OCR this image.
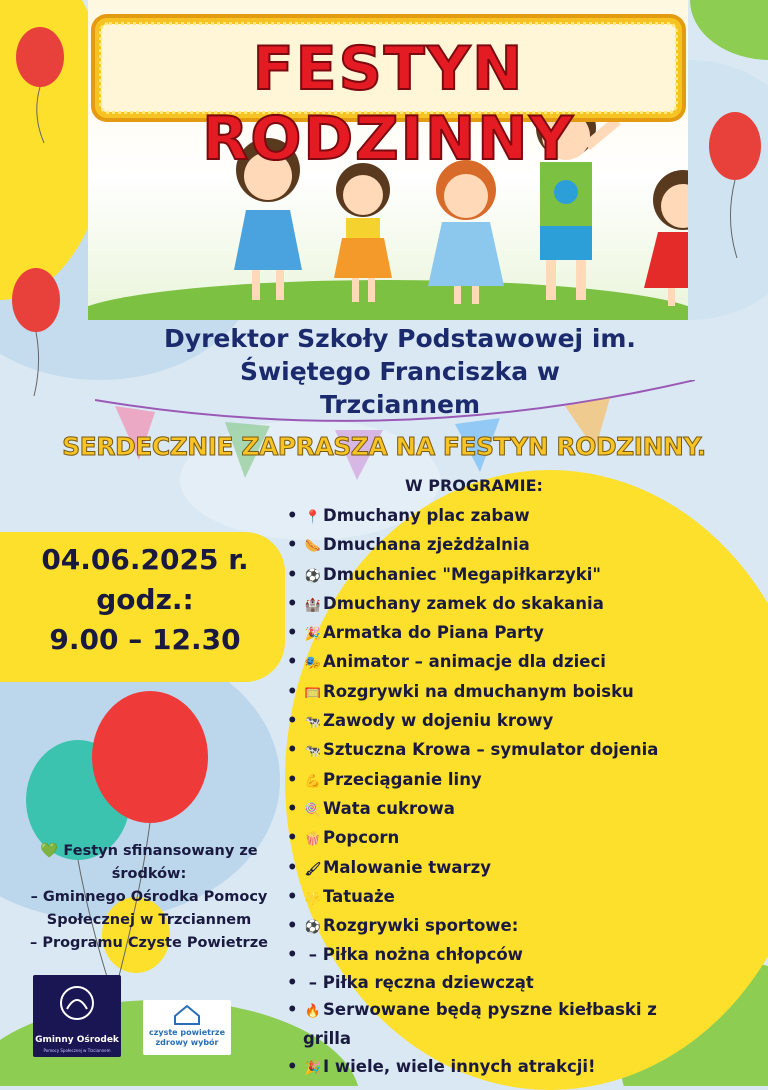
FESTYN RODZINNY
Dyrektor Szkoły Podstawowej im.
Świętego Franciszka w
Trzciannem
SERDECZNIE ZAPRASZA NA FESTYN RODZINNY.
04.06.2025 r.
godz.:
9.00 – 12.30
W PROGRAMIE:
• 📍 Dmuchany plac zabaw
• 🌭 Dmuchana zjeżdżalnia
• ⚽ Dmuchaniec "Megapiłkarzyki"
• 🏰 Dmuchany zamek do skakania
• 🎉 Armatka do Piana Party
• 🎭 Animator – animacje dla dzieci
• 🥅 Rozgrywki na dmuchanym boisku
• 🐄 Zawody w dojeniu krowy
• 🐄 Sztuczna Krowa – symulator dojenia
• 💪 Przeciąganie liny
• 🍭 Wata cukrowa
• 🍿 Popcorn
• 🖌 Malowanie twarzy
• 🌟 Tatuaże
• ⚽ Rozgrywki sportowe:
• – Piłka nożna chłopców
• – Piłka ręczna dziewcząt
• 🔥 Serwowane będą pyszne kiełbaski z
grilla
• 🎉 I wiele, wiele innych atrakcji!
💚 Festyn sfinansowany ze
środków:
– Gminnego Ośrodka Pomocy
Społecznej w Trzciannem
– Programu Czyste Powietrze
Gminny Ośrodek
Pomocy Społecznej w Trzciannem
czyste powietrze
zdrowy wybór
